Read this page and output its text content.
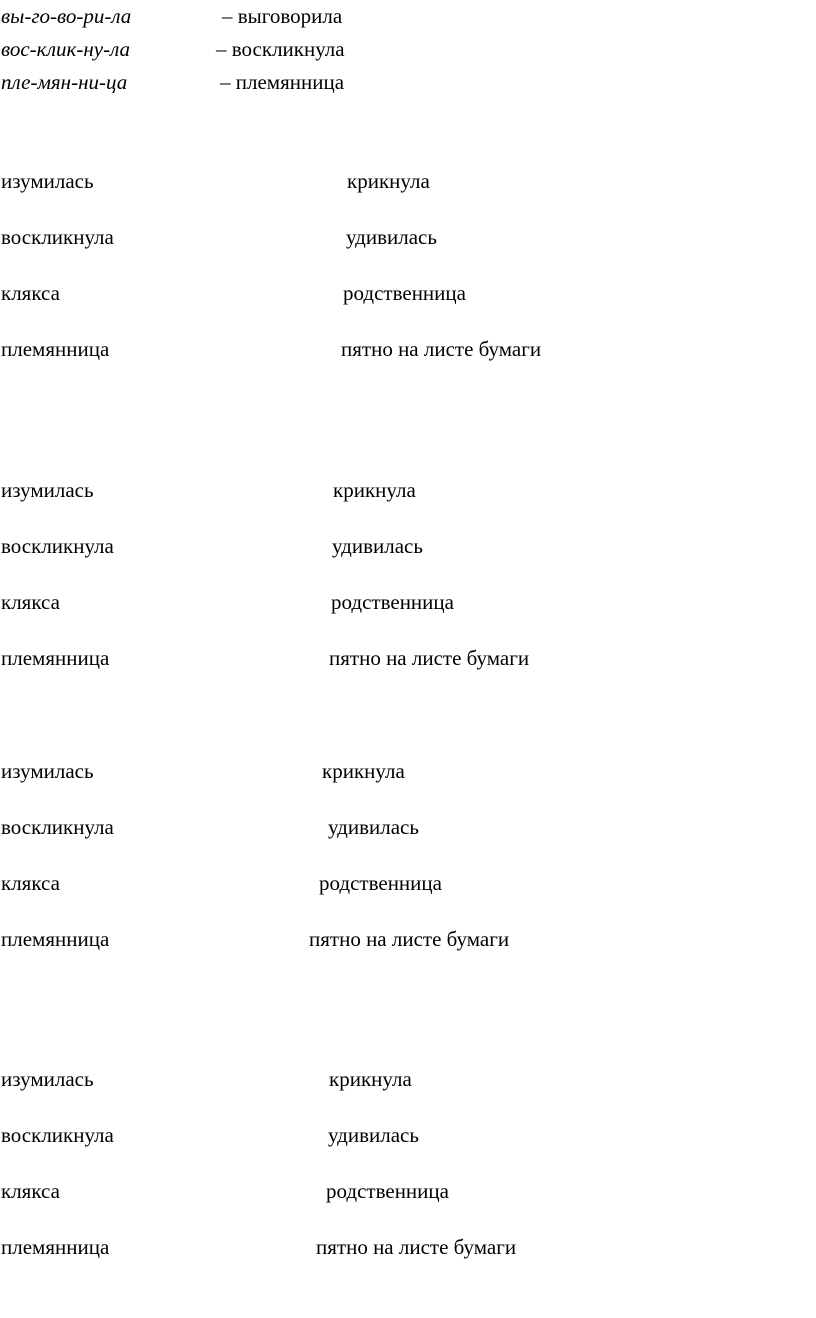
вы-го-во-ри-ла	– выговорила
вос-клик-ну-ла	– воскликнула
пле-мян-ни-ца	– племянница
изумилась	крикнула
воскликнула	удивилась
клякса	родственница
племянница	пятно на листе бумаги
изумилась	крикнула
воскликнула	удивилась
клякса	родственница
племянница	пятно на листе бумаги
изумилась	крикнула
воскликнула	удивилась
клякса	родственница
племянница	пятно на листе бумаги
изумилась	крикнула
воскликнула	удивилась
клякса	родственница
племянница	пятно на листе бумаги
